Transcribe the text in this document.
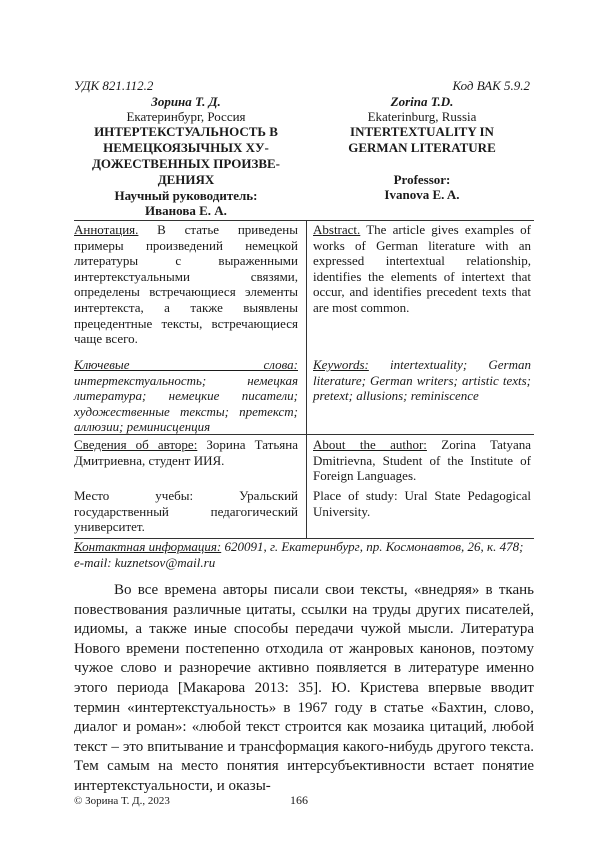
УДК 821.112.2	Код ВАК 5.9.2
Зорина Т. Д.
Екатеринбург, Россия
ИНТЕРТЕКСТУАЛЬНОСТЬ В НЕМЕЦКОЯЗЫЧНЫХ ХУ-ДОЖЕСТВЕННЫХ ПРОИЗВЕ-ДЕНИЯХ
Научный руководитель:
Иванова Е. А.
Zorina T.D.
Ekaterinburg, Russia
INTERTEXTUALITY IN GERMAN LITERATURE
Professor:
Ivanova E. A.
Аннотация. В статье приведены примеры произведений немецкой литературы с выраженными интертекстуальными связями, определены встречающиеся элементы интертекста, а также выявлены прецедентные тексты, встречающиеся чаще всего.
Abstract. The article gives examples of works of German literature with an expressed intertextual relationship, identifies the elements of intertext that occur, and identifies precedent texts that are most common.
Ключевые слова: интертекстуальность; немецкая литература; немецкие писатели; художественные тексты; претекст; аллюзии; реминисценция
Keywords: intertextuality; German literature; German writers; artistic texts; pretext; allusions; reminiscence
Сведения об авторе: Зорина Татьяна Дмитриевна, студент ИИЯ.
Место учебы: Уральский государственный педагогический университет.
About the author: Zorina Tatyana Dmitrievna, Student of the Institute of Foreign Languages.
Place of study: Ural State Pedagogical University.
Контактная информация: 620091, г. Екатеринбург, пр. Космонавтов, 26, к. 478; e-mail: kuznetsov@mail.ru
Во все времена авторы писали свои тексты, «внедряя» в ткань повествования различные цитаты, ссылки на труды других писателей, идиомы, а также иные способы передачи чужой мысли. Литература Нового времени постепенно отходила от жанровых канонов, поэтому чужое слово и разноречие активно появляется в литературе именно этого периода [Макарова 2013: 35]. Ю. Кристева впервые вводит термин «интертекстуальность» в 1967 году в статье «Бахтин, слово, диалог и роман»: «любой текст строится как мозаика цитаций, любой текст – это впитывание и трансформация какого-нибудь другого текста. Тем самым на место понятия интерсубъективности встает понятие интертекстуальности, и оказы-
© Зорина Т. Д., 2023	166
